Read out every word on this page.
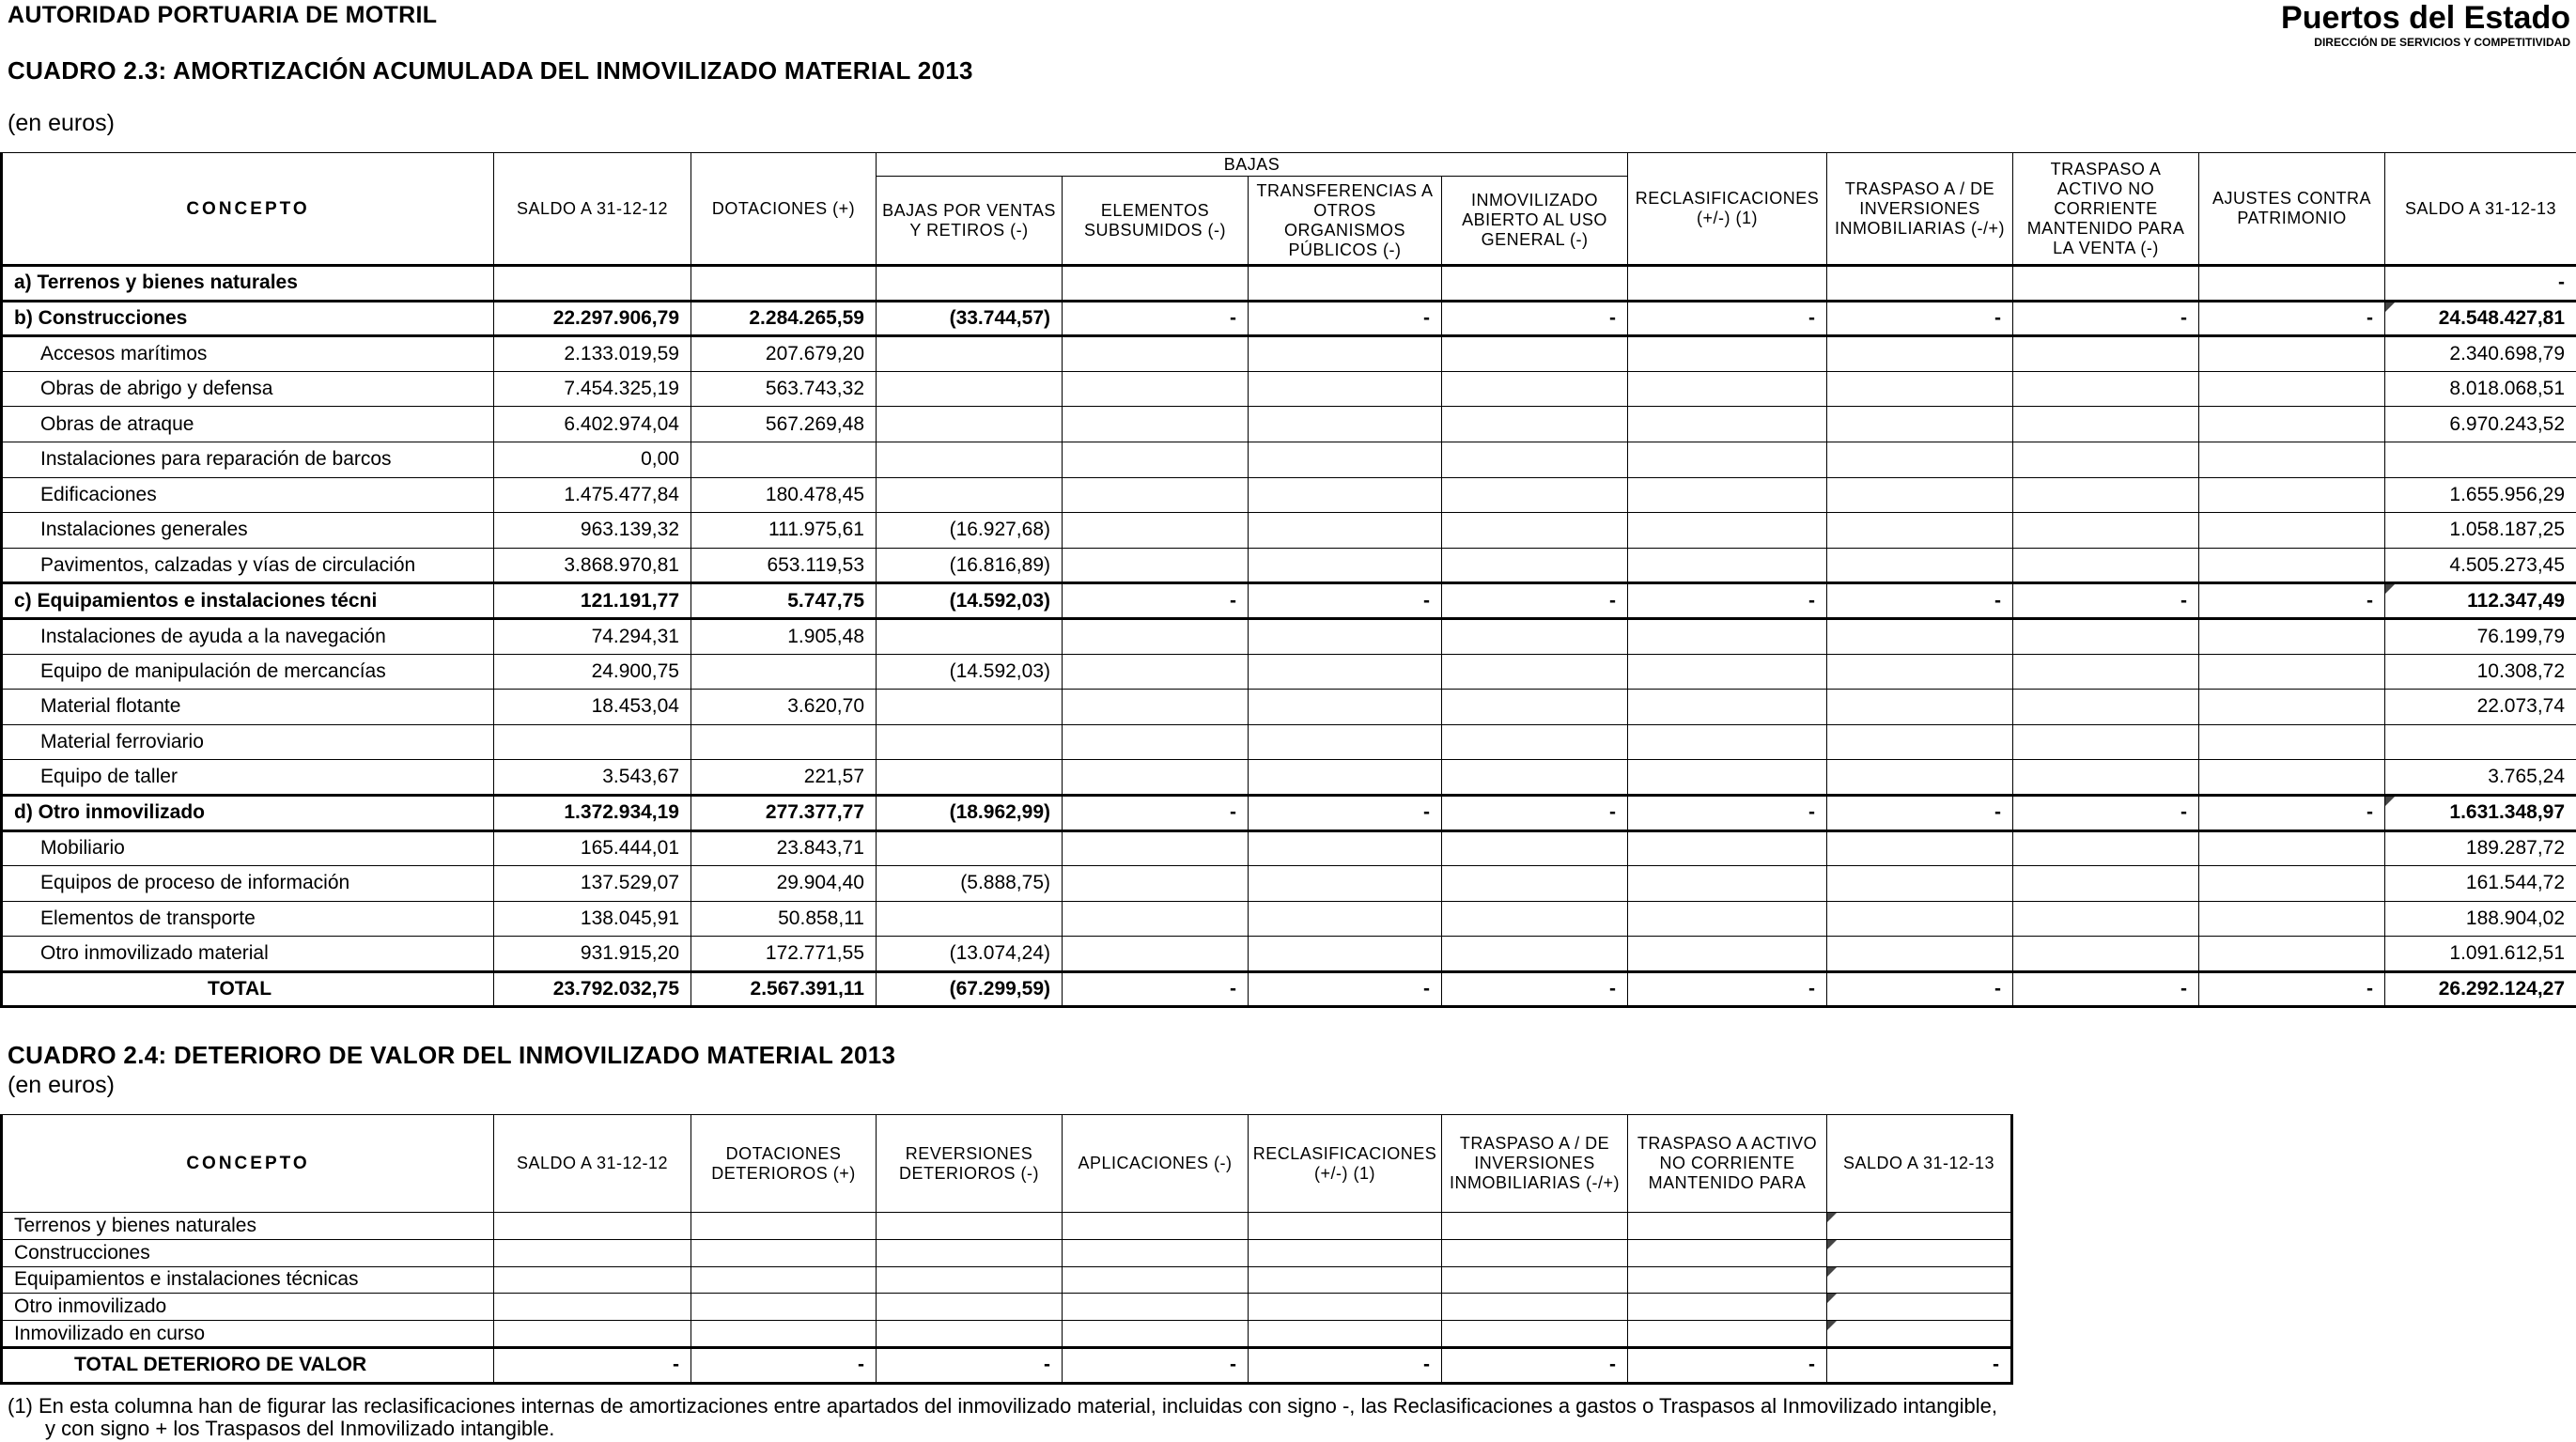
AUTORIDAD PORTUARIA DE MOTRIL	Puertos del Estado
DIRECCIÓN DE SERVICIOS Y COMPETITIVIDAD
CUADRO 2.3: AMORTIZACIÓN ACUMULADA DEL INMOVILIZADO MATERIAL 2013
(en euros)
CONCEPTO	SALDO A 31-12-12	DOTACIONES (+)	BAJAS				RECLASIFICACIONES (+/-) (1)	TRASPASO A / DE INVERSIONES INMOBILIARIAS (-/+)	TRASPASO A ACTIVO NO CORRIENTE MANTENIDO PARA LA VENTA (-)	AJUSTES CONTRA PATRIMONIO	SALDO A 31-12-13
			BAJAS POR VENTAS Y RETIROS (-)	ELEMENTOS SUBSUMIDOS (-)	TRANSFERENCIAS A OTROS ORGANISMOS PÚBLICOS (-)	INMOVILIZADO ABIERTO AL USO GENERAL (-)					
a) Terrenos y bienes naturales											-
b) Construcciones	22.297.906,79	2.284.265,59	(33.744,57)	-	-	-	-	-	-	-	24.548.427,81
Accesos marítimos	2.133.019,59	207.679,20									2.340.698,79
Obras de abrigo y defensa	7.454.325,19	563.743,32									8.018.068,51
Obras de atraque	6.402.974,04	567.269,48									6.970.243,52
Instalaciones para reparación de barcos	0,00										
Edificaciones	1.475.477,84	180.478,45									1.655.956,29
Instalaciones generales	963.139,32	111.975,61	(16.927,68)								1.058.187,25
Pavimentos, calzadas y vías de circulación	3.868.970,81	653.119,53	(16.816,89)								4.505.273,45
c) Equipamientos e instalaciones técni	121.191,77	5.747,75	(14.592,03)	-	-	-	-	-	-	-	112.347,49
Instalaciones de ayuda a la navegación	74.294,31	1.905,48									76.199,79
Equipo de manipulación de mercancías	24.900,75		(14.592,03)								10.308,72
Material flotante	18.453,04	3.620,70									22.073,74
Material ferroviario											
Equipo de taller	3.543,67	221,57									3.765,24
d) Otro inmovilizado	1.372.934,19	277.377,77	(18.962,99)	-	-	-	-	-	-	-	1.631.348,97
Mobiliario	165.444,01	23.843,71									189.287,72
Equipos de proceso de información	137.529,07	29.904,40	(5.888,75)								161.544,72
Elementos de transporte	138.045,91	50.858,11									188.904,02
Otro inmovilizado material	931.915,20	172.771,55	(13.074,24)								1.091.612,51
TOTAL	23.792.032,75	2.567.391,11	(67.299,59)	-	-	-	-	-	-	-	26.292.124,27
CUADRO 2.4: DETERIORO DE VALOR DEL INMOVILIZADO MATERIAL 2013
(en euros)
CONCEPTO	SALDO A 31-12-12	DOTACIONES DETERIOROS (+)	REVERSIONES DETERIOROS (-)	APLICACIONES (-)	RECLASIFICACIONES (+/-) (1)	TRASPASO A / DE INVERSIONES INMOBILIARIAS (-/+)	TRASPASO A ACTIVO NO CORRIENTE MANTENIDO PARA	SALDO A 31-12-13
Terrenos y bienes naturales								
Construcciones								
Equipamientos e instalaciones técnicas								
Otro inmovilizado								
Inmovilizado en curso								
TOTAL DETERIORO DE VALOR	-	-	-	-	-	-	-	-
(1) En esta columna han de figurar las reclasificaciones internas de amortizaciones entre apartados del inmovilizado material, incluidas con signo -, las Reclasificaciones a gastos o Traspasos al Inmovilizado intangible,
y con signo + los Traspasos del Inmovilizado intangible.
